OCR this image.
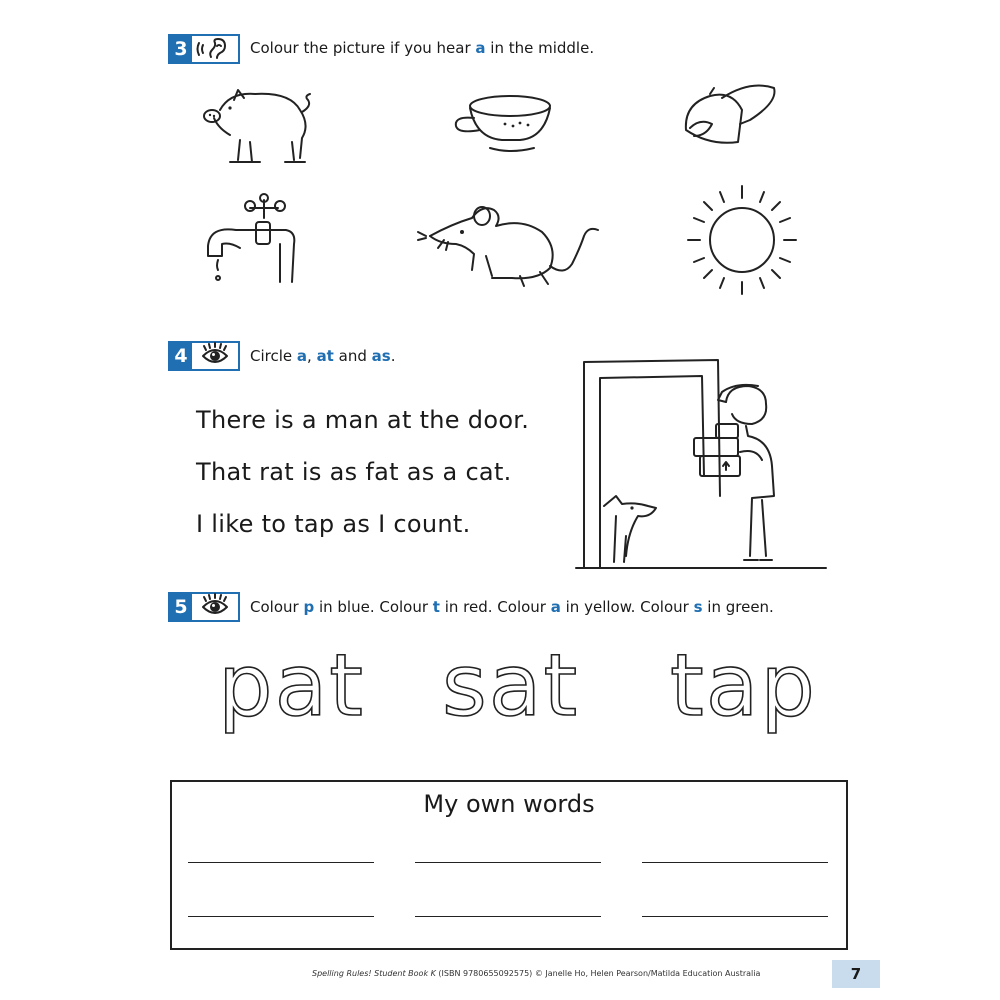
3	Colour the picture if you hear a in the middle.
4	Circle a, at and as.
There is a man at the door.
That rat is as fat as a cat.
I like to tap as I count.
5	Colour p in blue. Colour t in red. Colour a in yellow. Colour s in green.
pat sat tap
My own words
Spelling Rules! Student Book K (ISBN 9780655092575) © Janelle Ho, Helen Pearson/Matilda Education Australia	7
